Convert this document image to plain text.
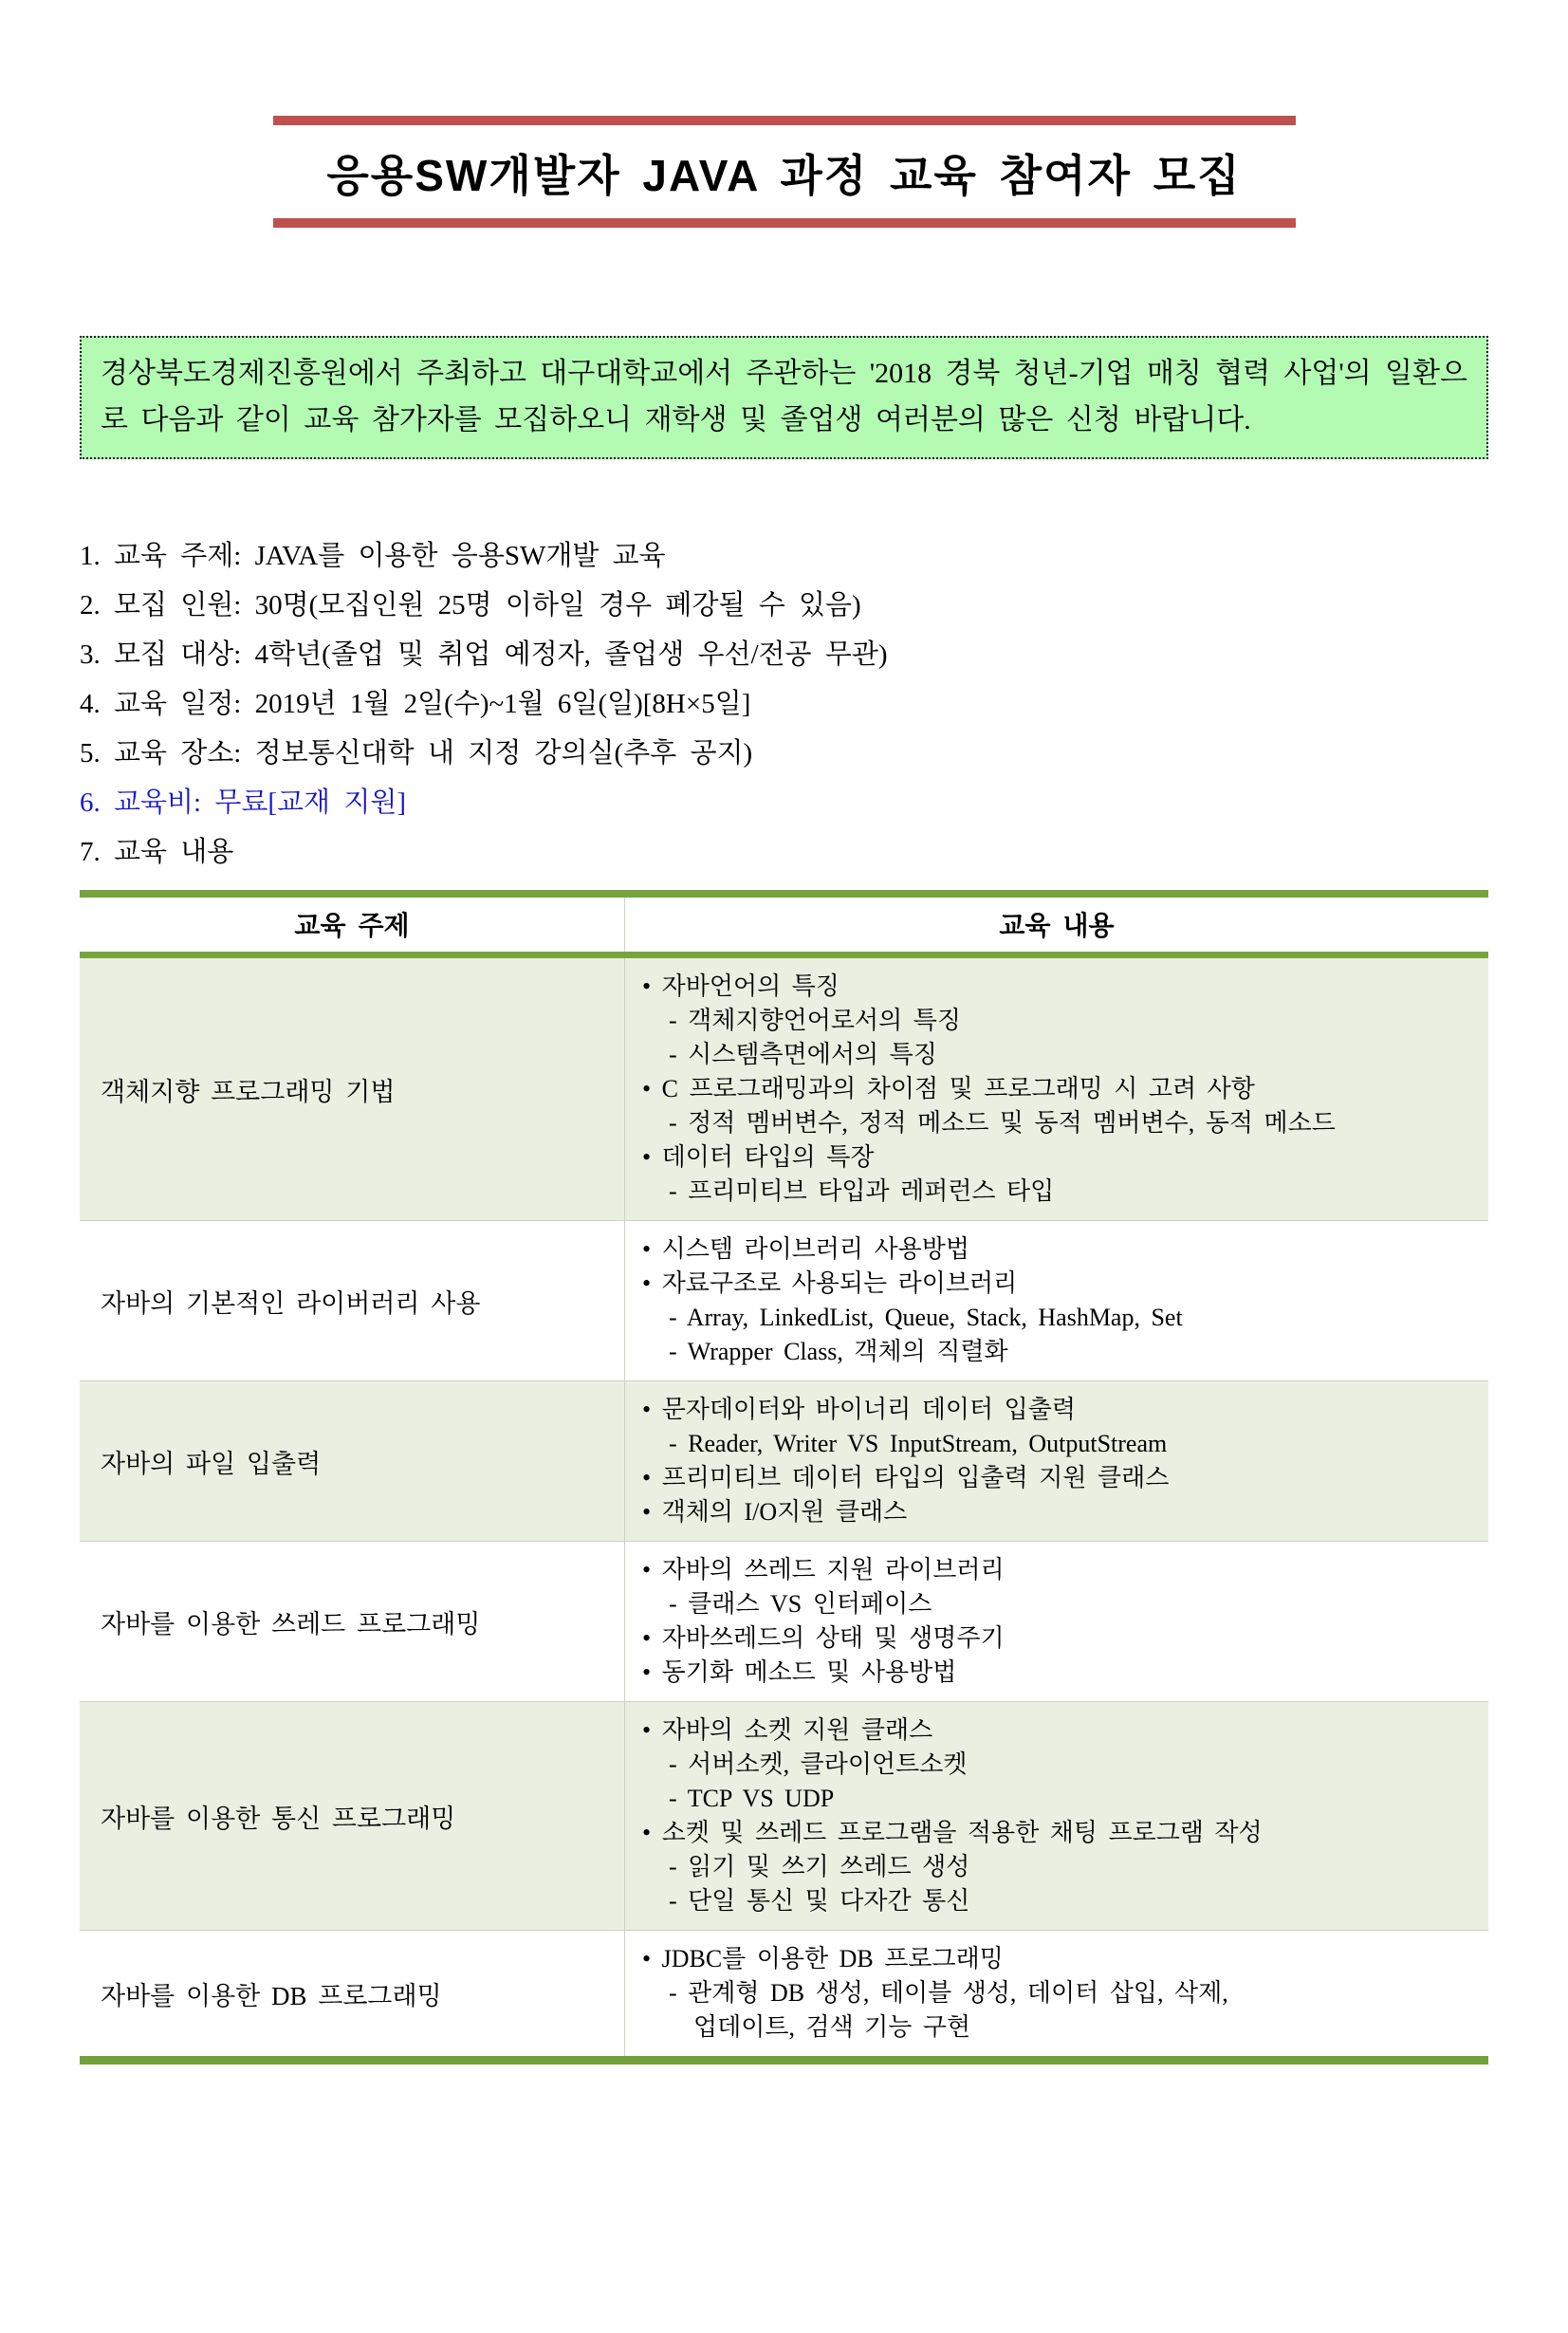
응용SW개발자 JAVA 과정 교육 참여자 모집
경상북도경제진흥원에서 주최하고 대구대학교에서 주관하는 '2018 경북 청년-기업 매칭 협력 사업'의 일환으로 다음과 같이 교육 참가자를 모집하오니 재학생 및 졸업생 여러분의 많은 신청 바랍니다.
1. 교육 주제: JAVA를 이용한 응용SW개발 교육
2. 모집 인원: 30명(모집인원 25명 이하일 경우 폐강될 수 있음)
3. 모집 대상: 4학년(졸업 및 취업 예정자, 졸업생 우선/전공 무관)
4. 교육 일정: 2019년 1월 2일(수)~1월 6일(일)[8H×5일]
5. 교육 장소: 정보통신대학 내 지정 강의실(추후 공지)
6. 교육비: 무료[교재 지원]
7. 교육 내용
교육 주제	교육 내용
객체지향 프로그래밍 기법
• 자바언어의 특징
- 객체지향언어로서의 특징
- 시스템측면에서의 특징
• C 프로그래밍과의 차이점 및 프로그래밍 시 고려 사항
- 정적 멤버변수, 정적 메소드 및 동적 멤버변수, 동적 메소드
• 데이터 타입의 특장
- 프리미티브 타입과 레퍼런스 타입
자바의 기본적인 라이버러리 사용
• 시스템 라이브러리 사용방법
• 자료구조로 사용되는 라이브러리
- Array, LinkedList, Queue, Stack, HashMap, Set
- Wrapper Class, 객체의 직렬화
자바의 파일 입출력
• 문자데이터와 바이너리 데이터 입출력
- Reader, Writer VS InputStream, OutputStream
• 프리미티브 데이터 타입의 입출력 지원 클래스
• 객체의 I/O지원 클래스
자바를 이용한 쓰레드 프로그래밍
• 자바의 쓰레드 지원 라이브러리
- 클래스 VS 인터페이스
• 자바쓰레드의 상태 및 생명주기
• 동기화 메소드 및 사용방법
자바를 이용한 통신 프로그래밍
• 자바의 소켓 지원 클래스
- 서버소켓, 클라이언트소켓
- TCP VS UDP
• 소켓 및 쓰레드 프로그램을 적용한 채팅 프로그램 작성
- 읽기 및 쓰기 쓰레드 생성
- 단일 통신 및 다자간 통신
자바를 이용한 DB 프로그래밍
• JDBC를 이용한 DB 프로그래밍
- 관계형 DB 생성, 테이블 생성, 데이터 삽입, 삭제,
업데이트, 검색 기능 구현
